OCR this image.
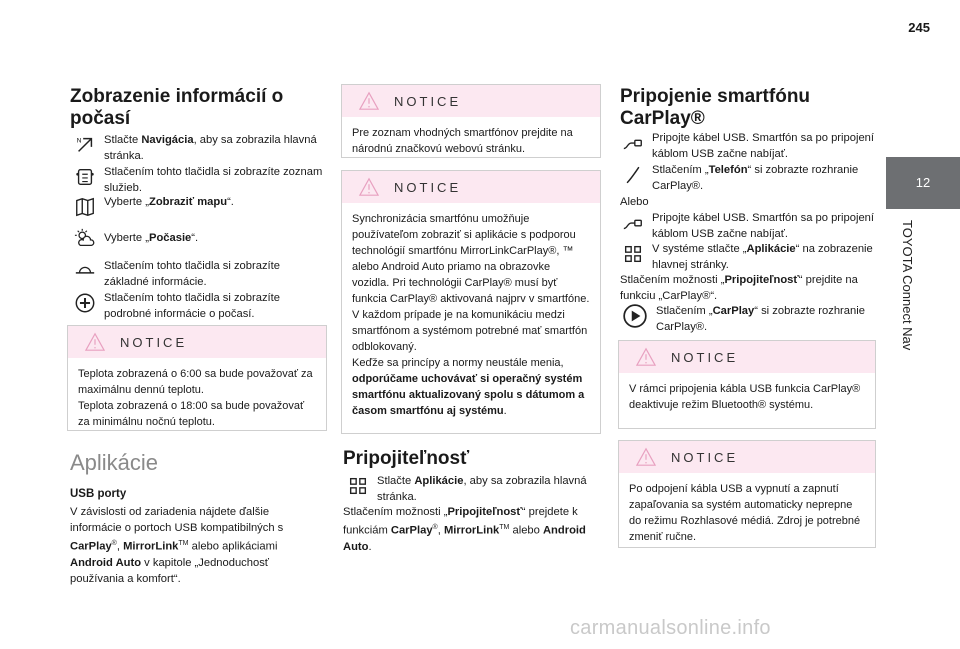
245
12
TOYOTA Connect Nav
Zobrazenie informácií o počasí
N Stlačte Navigácia, aby sa zobrazila hlavná stránka.
Stlačením tohto tlačidla si zobrazíte zoznam služieb.
Vyberte „Zobraziť mapu“.
Vyberte „Počasie“.
Stlačením tohto tlačidla si zobrazíte základné informácie.
Stlačením tohto tlačidla si zobrazíte podrobné informácie o počasí.
NOTICE
Teplota zobrazená o 6:00 sa bude považovať za maximálnu dennú teplotu.
Teplota zobrazená o 18:00 sa bude považovať za minimálnu nočnú teplotu.
Aplikácie
USB porty
V závislosti od zariadenia nájdete ďalšie informácie o portoch USB kompatibilných s CarPlay®, MirrorLink™ alebo aplikáciami Android Auto v kapitole „Jednoduchosť používania a komfort“.
NOTICE
Pre zoznam vhodných smartfónov prejdite na národnú značkovú webovú stránku.
NOTICE
Synchronizácia smartfónu umožňuje používateľom zobraziť si aplikácie s podporou technológií smartfónu MirrorLinkCarPlay®, ™ alebo Android Auto priamo na obrazovke vozidla. Pri technológii CarPlay® musí byť funkcia CarPlay® aktivovaná najprv v smartfóne.
V každom prípade je na komunikáciu medzi smartfónom a systémom potrebné mať smartfón odblokovaný.
Keďže sa princípy a normy neustále menia, odporúčame uchovávať si operačný systém smartfónu aktualizovaný spolu s dátumom a časom smartfónu aj systému.
Pripojiteľnosť
Stlačte Aplikácie, aby sa zobrazila hlavná stránka.
Stlačením možnosti „Pripojiteľnosť“ prejdete k funkciám CarPlay®, MirrorLink™ alebo Android Auto.
Pripojenie smartfónu CarPlay®
Pripojte kábel USB. Smartfón sa po pripojení káblom USB začne nabíjať.
Stlačením „Telefón“ si zobrazte rozhranie CarPlay®.
Alebo
Pripojte kábel USB. Smartfón sa po pripojení káblom USB začne nabíjať.
V systéme stlačte „Aplikácie“ na zobrazenie hlavnej stránky.
Stlačením možnosti „Pripojiteľnosť“ prejdite na funkciu „CarPlay®“.
Stlačením „CarPlay“ si zobrazte rozhranie CarPlay®.
NOTICE
V rámci pripojenia kábla USB funkcia CarPlay® deaktivuje režim Bluetooth® systému.
NOTICE
Po odpojení kábla USB a vypnutí a zapnutí zapaľovania sa systém automaticky neprepne do režimu Rozhlasové médiá. Zdroj je potrebné zmeniť ručne.
carmanualsonline.info
